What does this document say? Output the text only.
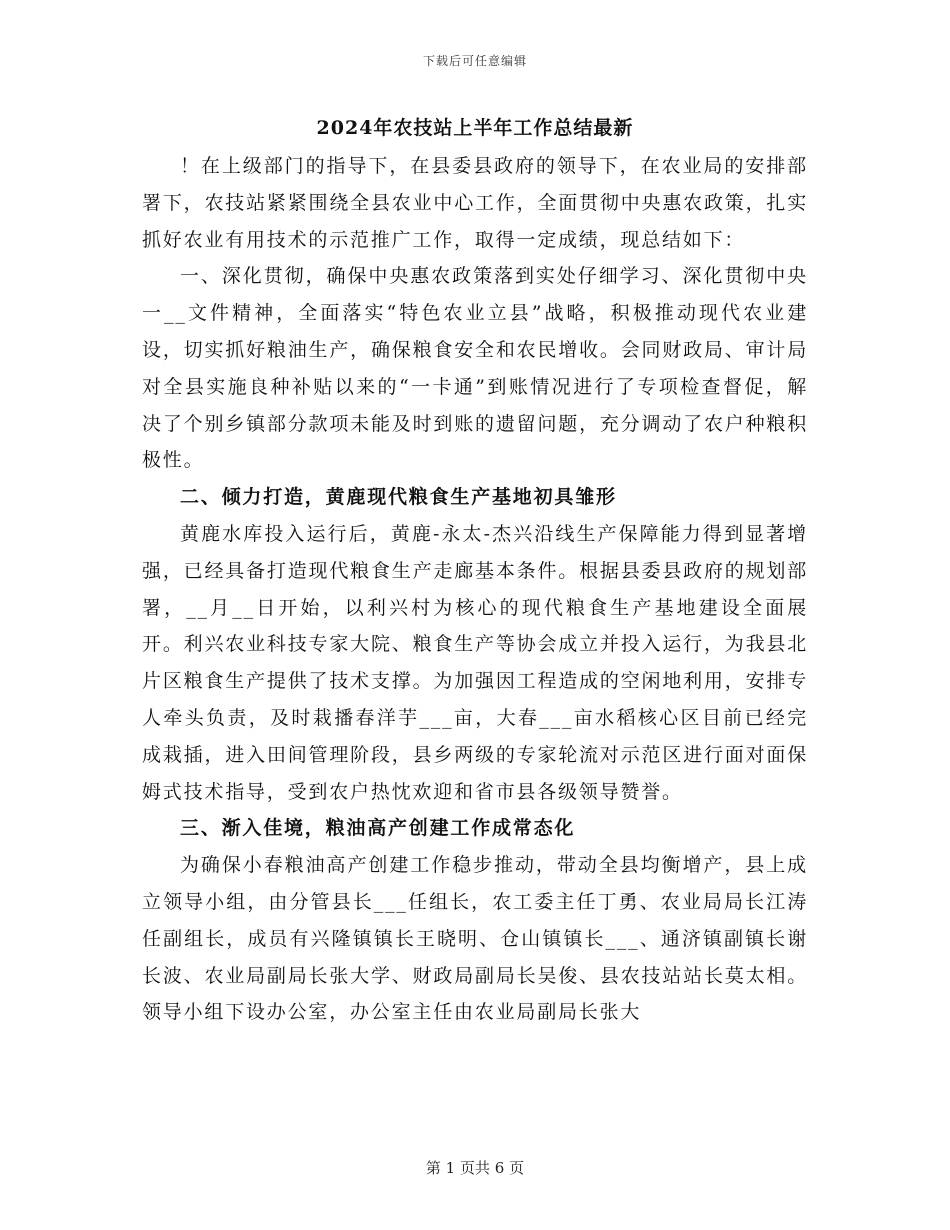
下载后可任意编辑
2024年农技站上半年工作总结最新

！在上级部门的指导下，在县委县政府的领导下，在农业局的安排部署下，农技站紧紧围绕全县农业中心工作，全面贯彻中央惠农政策，扎实抓好农业有用技术的示范推广工作，取得一定成绩，现总结如下：

一、深化贯彻，确保中央惠农政策落到实处仔细学习、深化贯彻中央一__文件精神，全面落实“特色农业立县”战略，积极推动现代农业建设，切实抓好粮油生产，确保粮食安全和农民增收。会同财政局、审计局对全县实施良种补贴以来的“一卡通”到账情况进行了专项检查督促，解决了个别乡镇部分款项未能及时到账的遗留问题，充分调动了农户种粮积极性。

二、倾力打造，黄鹿现代粮食生产基地初具雏形

黄鹿水库投入运行后，黄鹿-永太-杰兴沿线生产保障能力得到显著增强，已经具备打造现代粮食生产走廊基本条件。根据县委县政府的规划部署，__月__日开始，以利兴村为核心的现代粮食生产基地建设全面展开。利兴农业科技专家大院、粮食生产等协会成立并投入运行，为我县北片区粮食生产提供了技术支撑。为加强因工程造成的空闲地利用，安排专人牵头负责，及时栽播春洋芋___亩，大春___亩水稻核心区目前已经完成栽插，进入田间管理阶段，县乡两级的专家轮流对示范区进行面对面保姆式技术指导，受到农户热忱欢迎和省市县各级领导赞誉。

三、渐入佳境，粮油高产创建工作成常态化

为确保小春粮油高产创建工作稳步推动，带动全县均衡增产，县上成立领导小组，由分管县长___任组长，农工委主任丁勇、农业局局长江涛任副组长，成员有兴隆镇镇长王晓明、仓山镇镇长___、通济镇副镇长谢长波、农业局副局长张大学、财政局副局长吴俊、县农技站站长莫太相。领导小组下设办公室，办公室主任由农业局副局长张大

第 1 页共 6 页
